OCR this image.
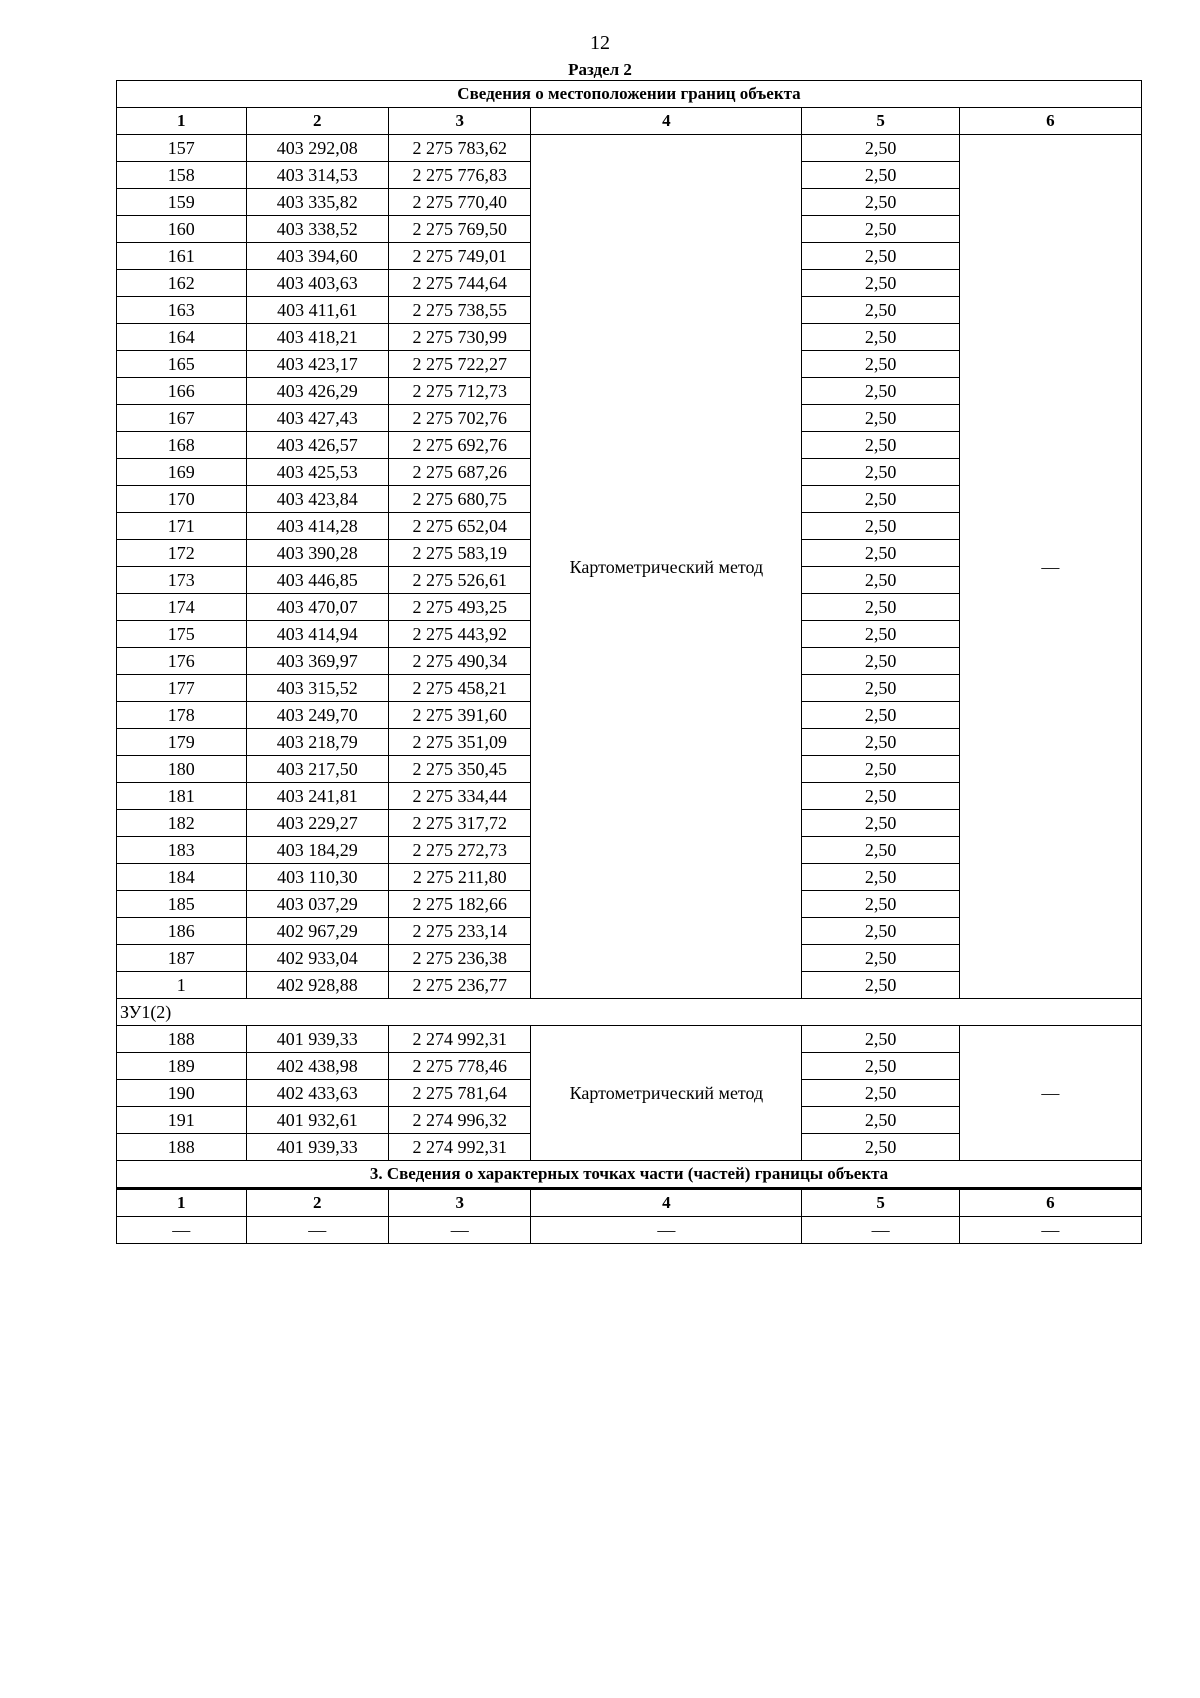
12
Раздел 2
Сведения о местоположении границ объекта					
1	2	3	4	5	6
157	403 292,08	2 275 783,62	Картометрический метод	2,50	—
158	403 314,53	2 275 776,83		2,50	
159	403 335,82	2 275 770,40		2,50	
160	403 338,52	2 275 769,50		2,50	
161	403 394,60	2 275 749,01		2,50	
162	403 403,63	2 275 744,64		2,50	
163	403 411,61	2 275 738,55		2,50	
164	403 418,21	2 275 730,99		2,50	
165	403 423,17	2 275 722,27		2,50	
166	403 426,29	2 275 712,73		2,50	
167	403 427,43	2 275 702,76		2,50	
168	403 426,57	2 275 692,76		2,50	
169	403 425,53	2 275 687,26		2,50	
170	403 423,84	2 275 680,75		2,50	
171	403 414,28	2 275 652,04		2,50	
172	403 390,28	2 275 583,19		2,50	
173	403 446,85	2 275 526,61		2,50	
174	403 470,07	2 275 493,25		2,50	
175	403 414,94	2 275 443,92		2,50	
176	403 369,97	2 275 490,34		2,50	
177	403 315,52	2 275 458,21		2,50	
178	403 249,70	2 275 391,60		2,50	
179	403 218,79	2 275 351,09		2,50	
180	403 217,50	2 275 350,45		2,50	
181	403 241,81	2 275 334,44		2,50	
182	403 229,27	2 275 317,72		2,50	
183	403 184,29	2 275 272,73		2,50	
184	403 110,30	2 275 211,80		2,50	
185	403 037,29	2 275 182,66		2,50	
186	402 967,29	2 275 233,14		2,50	
187	402 933,04	2 275 236,38		2,50	
1	402 928,88	2 275 236,77		2,50	
ЗУ1(2)					
188	401 939,33	2 274 992,31	Картометрический метод	2,50	—
189	402 438,98	2 275 778,46		2,50	
190	402 433,63	2 275 781,64		2,50	
191	401 932,61	2 274 996,32		2,50	
188	401 939,33	2 274 992,31		2,50	
3. Сведения о характерных точках части (частей) границы объекта					
1	2	3	4	5	6
—	—	—	—	—	—
